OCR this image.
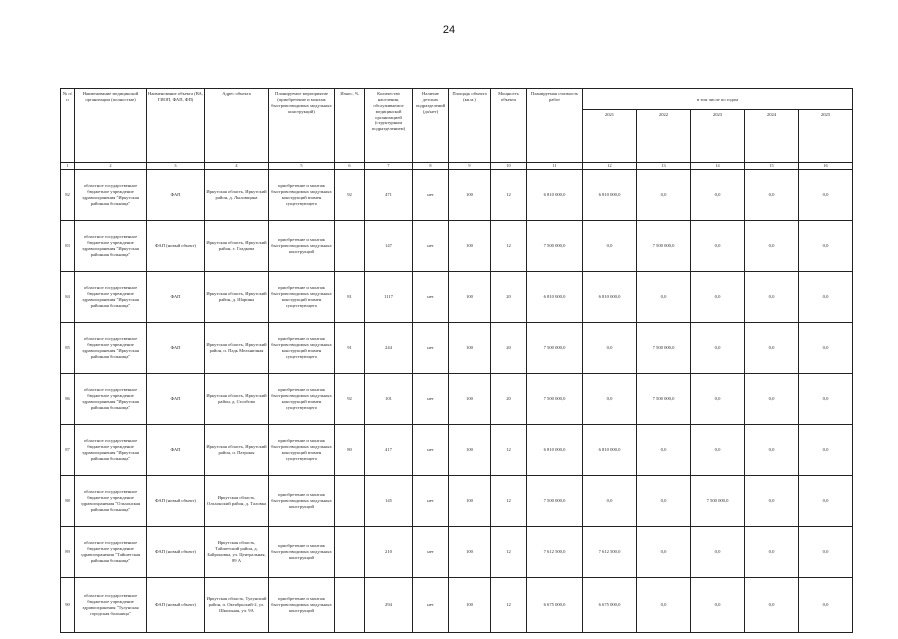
24
№ п/п	Наименование медицинской организации (полностью)	Наименование объекта (ВА, ГИОП, ФАП, ФП)	Адрес объекта	Планируемое мероприятие (приобретение и монтаж быстровозводимых модульных конструкций)	Износ, %	Количество населения, обслуживаемое медицинской организацией (структурным подразделением)	Наличие детских подразделений (да/нет)	Площадь объекта (кв.м.)	Мощность объекта	Планируемая стоимость работ	в том числе по годам				
											2021	2022	2023	2024	2025
1	2	3	4	5	6	7	8	9	10	11	12	13	14	15	16
82	областное государственное бюджетное учреждение здравоохранения "Иркутская районная больница"	ФАП	Иркутская область, Иркутский район, д. Лыловщина	приобретение и монтаж быстровозводимых модульных конструкций взамен существующего	92	471	нет	100	12	6 810 000,0	6 810 000,0	0,0	0,0	0,0	0,0
83	областное государственное бюджетное учреждение здравоохранения "Иркутская районная больница"	ФАП (новый объект)	Иркутская область, Иркутский район, з. Гладкова	приобретение и монтаж быстровозводимых модульных конструкций		147	нет	100	12	7 500 000,0	0,0	7 500 000,0	0,0	0,0	0,0
84	областное государственное бюджетное учреждение здравоохранения "Иркутская районная больница"	ФАП	Иркутская область, Иркутский район, д. Шарины	приобретение и монтаж быстровозводимых модульных конструкций взамен существующего	81	1117	нет	100	20	6 810 000,0	6 810 000,0	0,0	0,0	0,0	0,0
85	областное государственное бюджетное учреждение здравоохранения "Иркутская районная больница"	ФАП	Иркутская область, Иркутский район, п. Падь Мельничная	приобретение и монтаж быстровозводимых модульных конструкций взамен существующего	91	244	нет	100	20	7 500 000,0	0,0	7 500 000,0	0,0	0,0	0,0
86	областное государственное бюджетное учреждение здравоохранения "Иркутская районная больница"	ФАП	Иркутская область, Иркутский район, д. Столбова	приобретение и монтаж быстровозводимых модульных конструкций взамен существующего	92	101	нет	100	20	7 500 000,0	0,0	7 500 000,0	0,0	0,0	0,0
87	областное государственное бюджетное учреждение здравоохранения "Иркутская районная больница"	ФАП	Иркутская область, Иркутский район, п. Патроны	приобретение и монтаж быстровозводимых модульных конструкций взамен существующего	80	417	нет	100	12	6 810 000,0	6 810 000,0	0,0	0,0	0,0	0,0
88	областное государственное бюджетное учреждение здравоохранения "Ольхонская районная больница"	ФАП (новый объект)	Иркутская область, Ольхонский район, д. Таловка	приобретение и монтаж быстровозводимых модульных конструкций		145	нет	100	12	7 500 000,0	0,0	0,0	7 500 000,0	0,0	0,0
89	областное государственное бюджетное учреждение здравоохранения "Тайшетская районная больница"	ФАП (новый объект)	Иркутская область, Тайшетский район, д. Байроновка, ул. Центральная, 89 А	приобретение и монтаж быстровозводимых модульных конструкций		210	нет	100	12	7 612 500,0	7 612 500,0	0,0	0,0	0,0	0,0
90	областное государственное бюджетное учреждение здравоохранения "Тулунская городская больница"	ФАП (новый объект)	Иркутская область, Тулунский район, п. Октябрьский-2, ул. Школьная, уч. 9А	приобретение и монтаж быстровозводимых модульных конструкций		294	нет	100	12	6 675 000,0	6 675 000,0	0,0	0,0	0,0	0,0
